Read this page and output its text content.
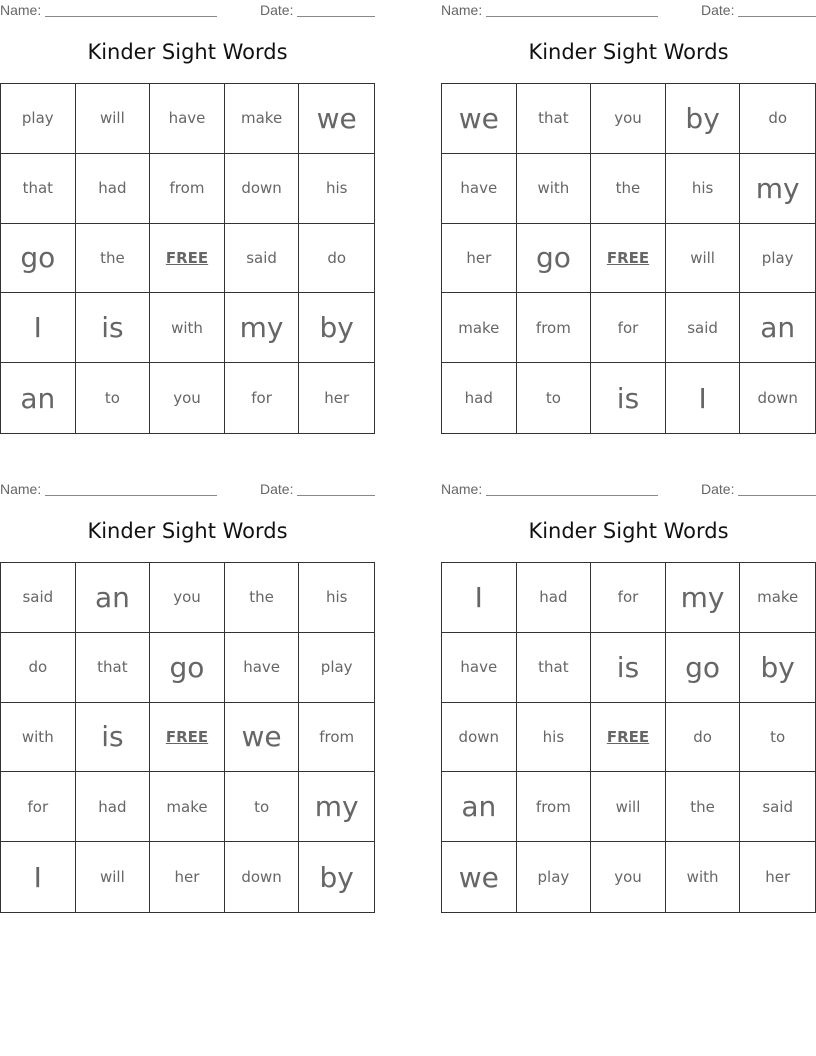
Name:	Date:
Kinder Sight Words
play	will	have	make	we
that	had	from	down	his
go	the	FREE	said	do
I	is	with	my	by
an	to	you	for	her
Name:	Date:
Kinder Sight Words
we	that	you	by	do
have	with	the	his	my
her	go	FREE	will	play
make	from	for	said	an
had	to	is	I	down
Name:	Date:
Kinder Sight Words
said	an	you	the	his
do	that	go	have	play
with	is	FREE	we	from
for	had	make	to	my
I	will	her	down	by
Name:	Date:
Kinder Sight Words
I	had	for	my	make
have	that	is	go	by
down	his	FREE	do	to
an	from	will	the	said
we	play	you	with	her
